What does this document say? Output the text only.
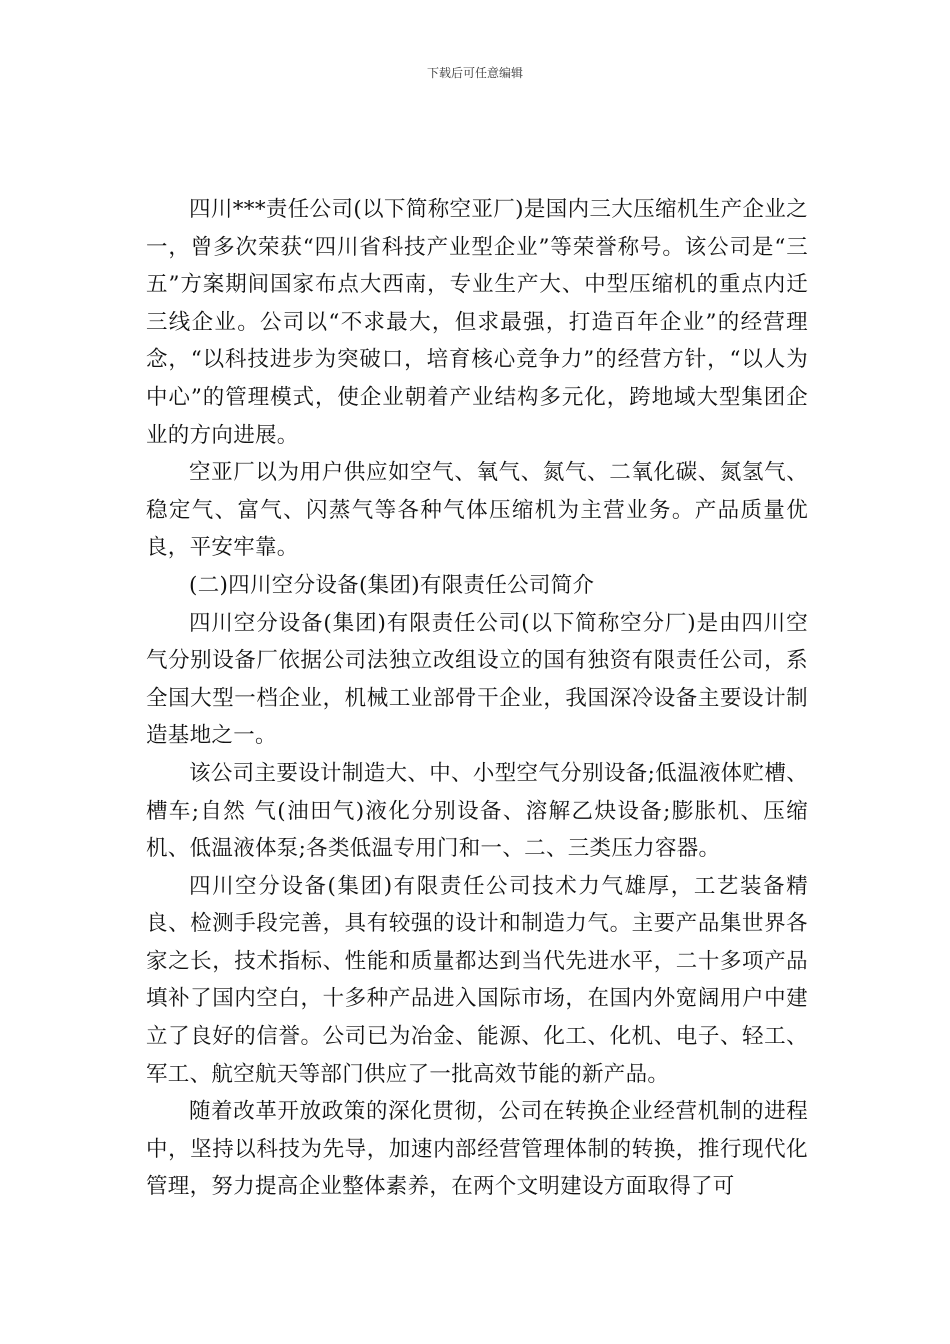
下载后可任意编辑

四川***责任公司(以下简称空亚厂)是国内三大压缩机生产企业之一，曾多次荣获“四川省科技产业型企业”等荣誉称号。该公司是“三五”方案期间国家布点大西南，专业生产大、中型压缩机的重点内迁三线企业。公司以“不求最大，但求最强，打造百年企业”的经营理念，“以科技进步为突破口，培育核心竞争力”的经营方针，“以人为中心”的管理模式，使企业朝着产业结构多元化，跨地域大型集团企业的方向进展。

空亚厂以为用户供应如空气、氧气、氮气、二氧化碳、氮氢气、稳定气、富气、闪蒸气等各种气体压缩机为主营业务。产品质量优良，平安牢靠。

(二)四川空分设备(集团)有限责任公司简介

四川空分设备(集团)有限责任公司(以下简称空分厂)是由四川空气分别设备厂依据公司法独立改组设立的国有独资有限责任公司，系全国大型一档企业，机械工业部骨干企业，我国深冷设备主要设计制造基地之一。

该公司主要设计制造大、中、小型空气分别设备;低温液体贮槽、槽车;自然 气(油田气)液化分别设备、溶解乙炔设备;膨胀机、压缩机、低温液体泵;各类低温专用门和一、二、三类压力容器。

四川空分设备(集团)有限责任公司技术力气雄厚，工艺装备精良、检测手段完善，具有较强的设计和制造力气。主要产品集世界各家之长，技术指标、性能和质量都达到当代先进水平，二十多项产品填补了国内空白，十多种产品进入国际市场，在国内外宽阔用户中建立了良好的信誉。公司已为冶金、能源、化工、化机、电子、轻工、军工、航空航天等部门供应了一批高效节能的新产品。

随着改革开放政策的深化贯彻，公司在转换企业经营机制的进程中，坚持以科技为先导，加速内部经营管理体制的转换，推行现代化管理，努力提高企业整体素养，在两个文明建设方面取得了可
